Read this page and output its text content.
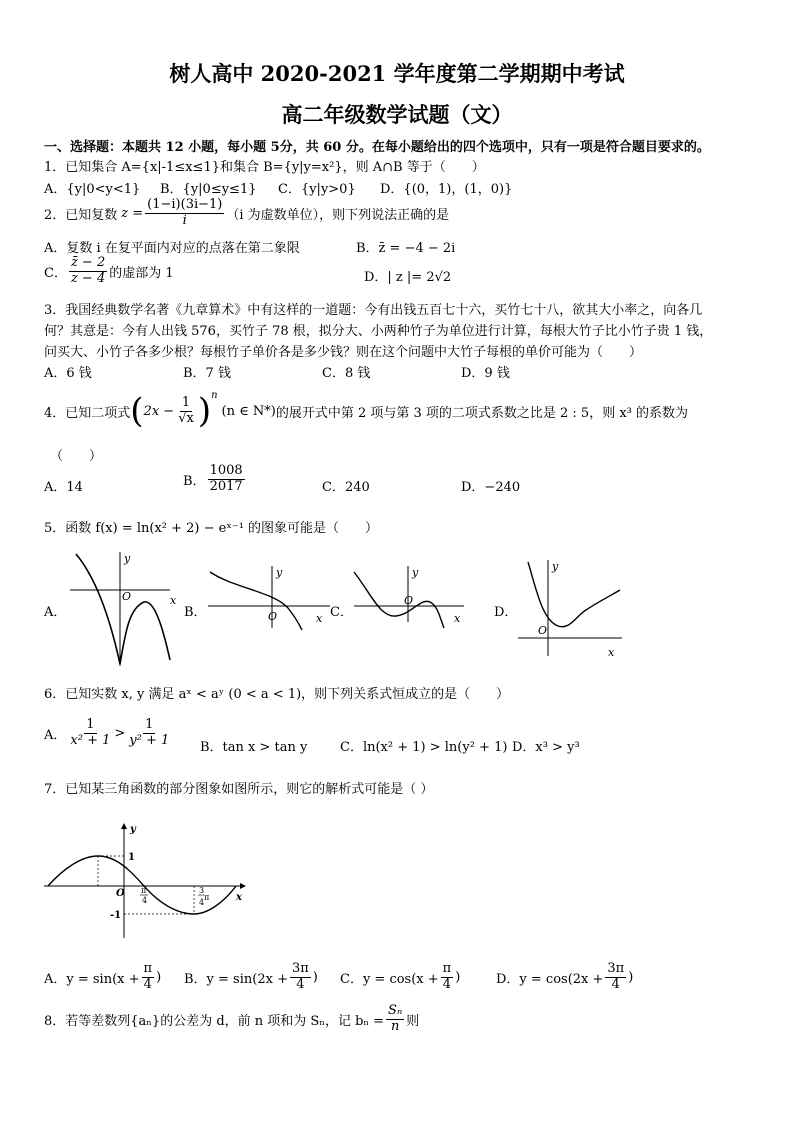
树人高中 2020-2021 学年度第二学期期中考试
高二年级数学试题（文）
一、选择题：本题共 12 小题，每小题 5分，共 60 分。在每小题给出的四个选项中，只有一项是符合题目要求的。
1．已知集合 A={x|-1≤x≤1}和集合 B={y|y=x²}，则 A∩B 等于（　　）
A．{y|0<y<1} B．{y|0≤y≤1} C．{y|y>0} D．{(0，1)，(1，0)}
2．已知复数 $z = \frac{(1-i)(3i-1)}{i} (i$ 为虚数单位），则下列说法正确的是
A．复数 i 在复平面内对应的点落在第二象限	B．z̄ = −4 − 2i
C． $\frac{z̄ - 2}{z - 4}$ 的虚部为 1	D．| z |= 2√2
3．我国经典数学名著《九章算术》中有这样的一道题：今有出钱五百七十六，买竹七十八，欲其大小率之，向各几
何？其意是：今有人出钱 576，买竹子 78 根，拟分大、小两种竹子为单位进行计算，每根大竹子比小竹子贵 1 钱，
问买大、小竹子各多少根？每根竹子单价各是多少钱？则在这个问题中大竹子每根的单价可能为（　　）
A．6 钱	B．7 钱	C．8 钱	D．9 钱
4．已知二项式 ( $2x - \frac{1}{√x}$ ) n
(n ∈ N*) 的展开式中第 2 项与第 3 项的二项式系数之比是 2 : 5，则 x³ 的系数为
（　　）
A．14	B． $\frac{1008}{2017}$	C．240	D．−240
5．函数 f(x) = ln(x² + 2) − eˣ⁻¹ 的图象可能是（　　）
A．
x
y
O
B．	x
y
O	C．	x
y
O
D．
x
y
O
6．已知实数 x, y 满足 aˣ < aʸ (0 < a < 1)，则下列关系式恒成立的是（　　）
A． $\frac{1}{\text{x² + 1}} > \frac{1}{\text{y² + 1}}$ B．tan x > tan y	C．ln(x² + 1) > ln(y² + 1) D．x³ > y³
7．已知某三角函数的部分图象如图所示，则它的解析式可能是（ ）
y
x
1
-1
O π
4
3
π
4
A．$y = \sin(x + \frac{\pi}{4}$ ) B．$y = \sin(2x + \frac{3\pi}{4}$ ) C．$y = \cos(x + \frac{\pi}{4}$ )	D．$y = \cos(2x + \frac{3\pi}{4}$ )
8．若等差数列{aₙ}的公差为 d，前 n 项和为 Sₙ，记 $b_n = \frac{\text{Sₙ}}{n}$ 则
